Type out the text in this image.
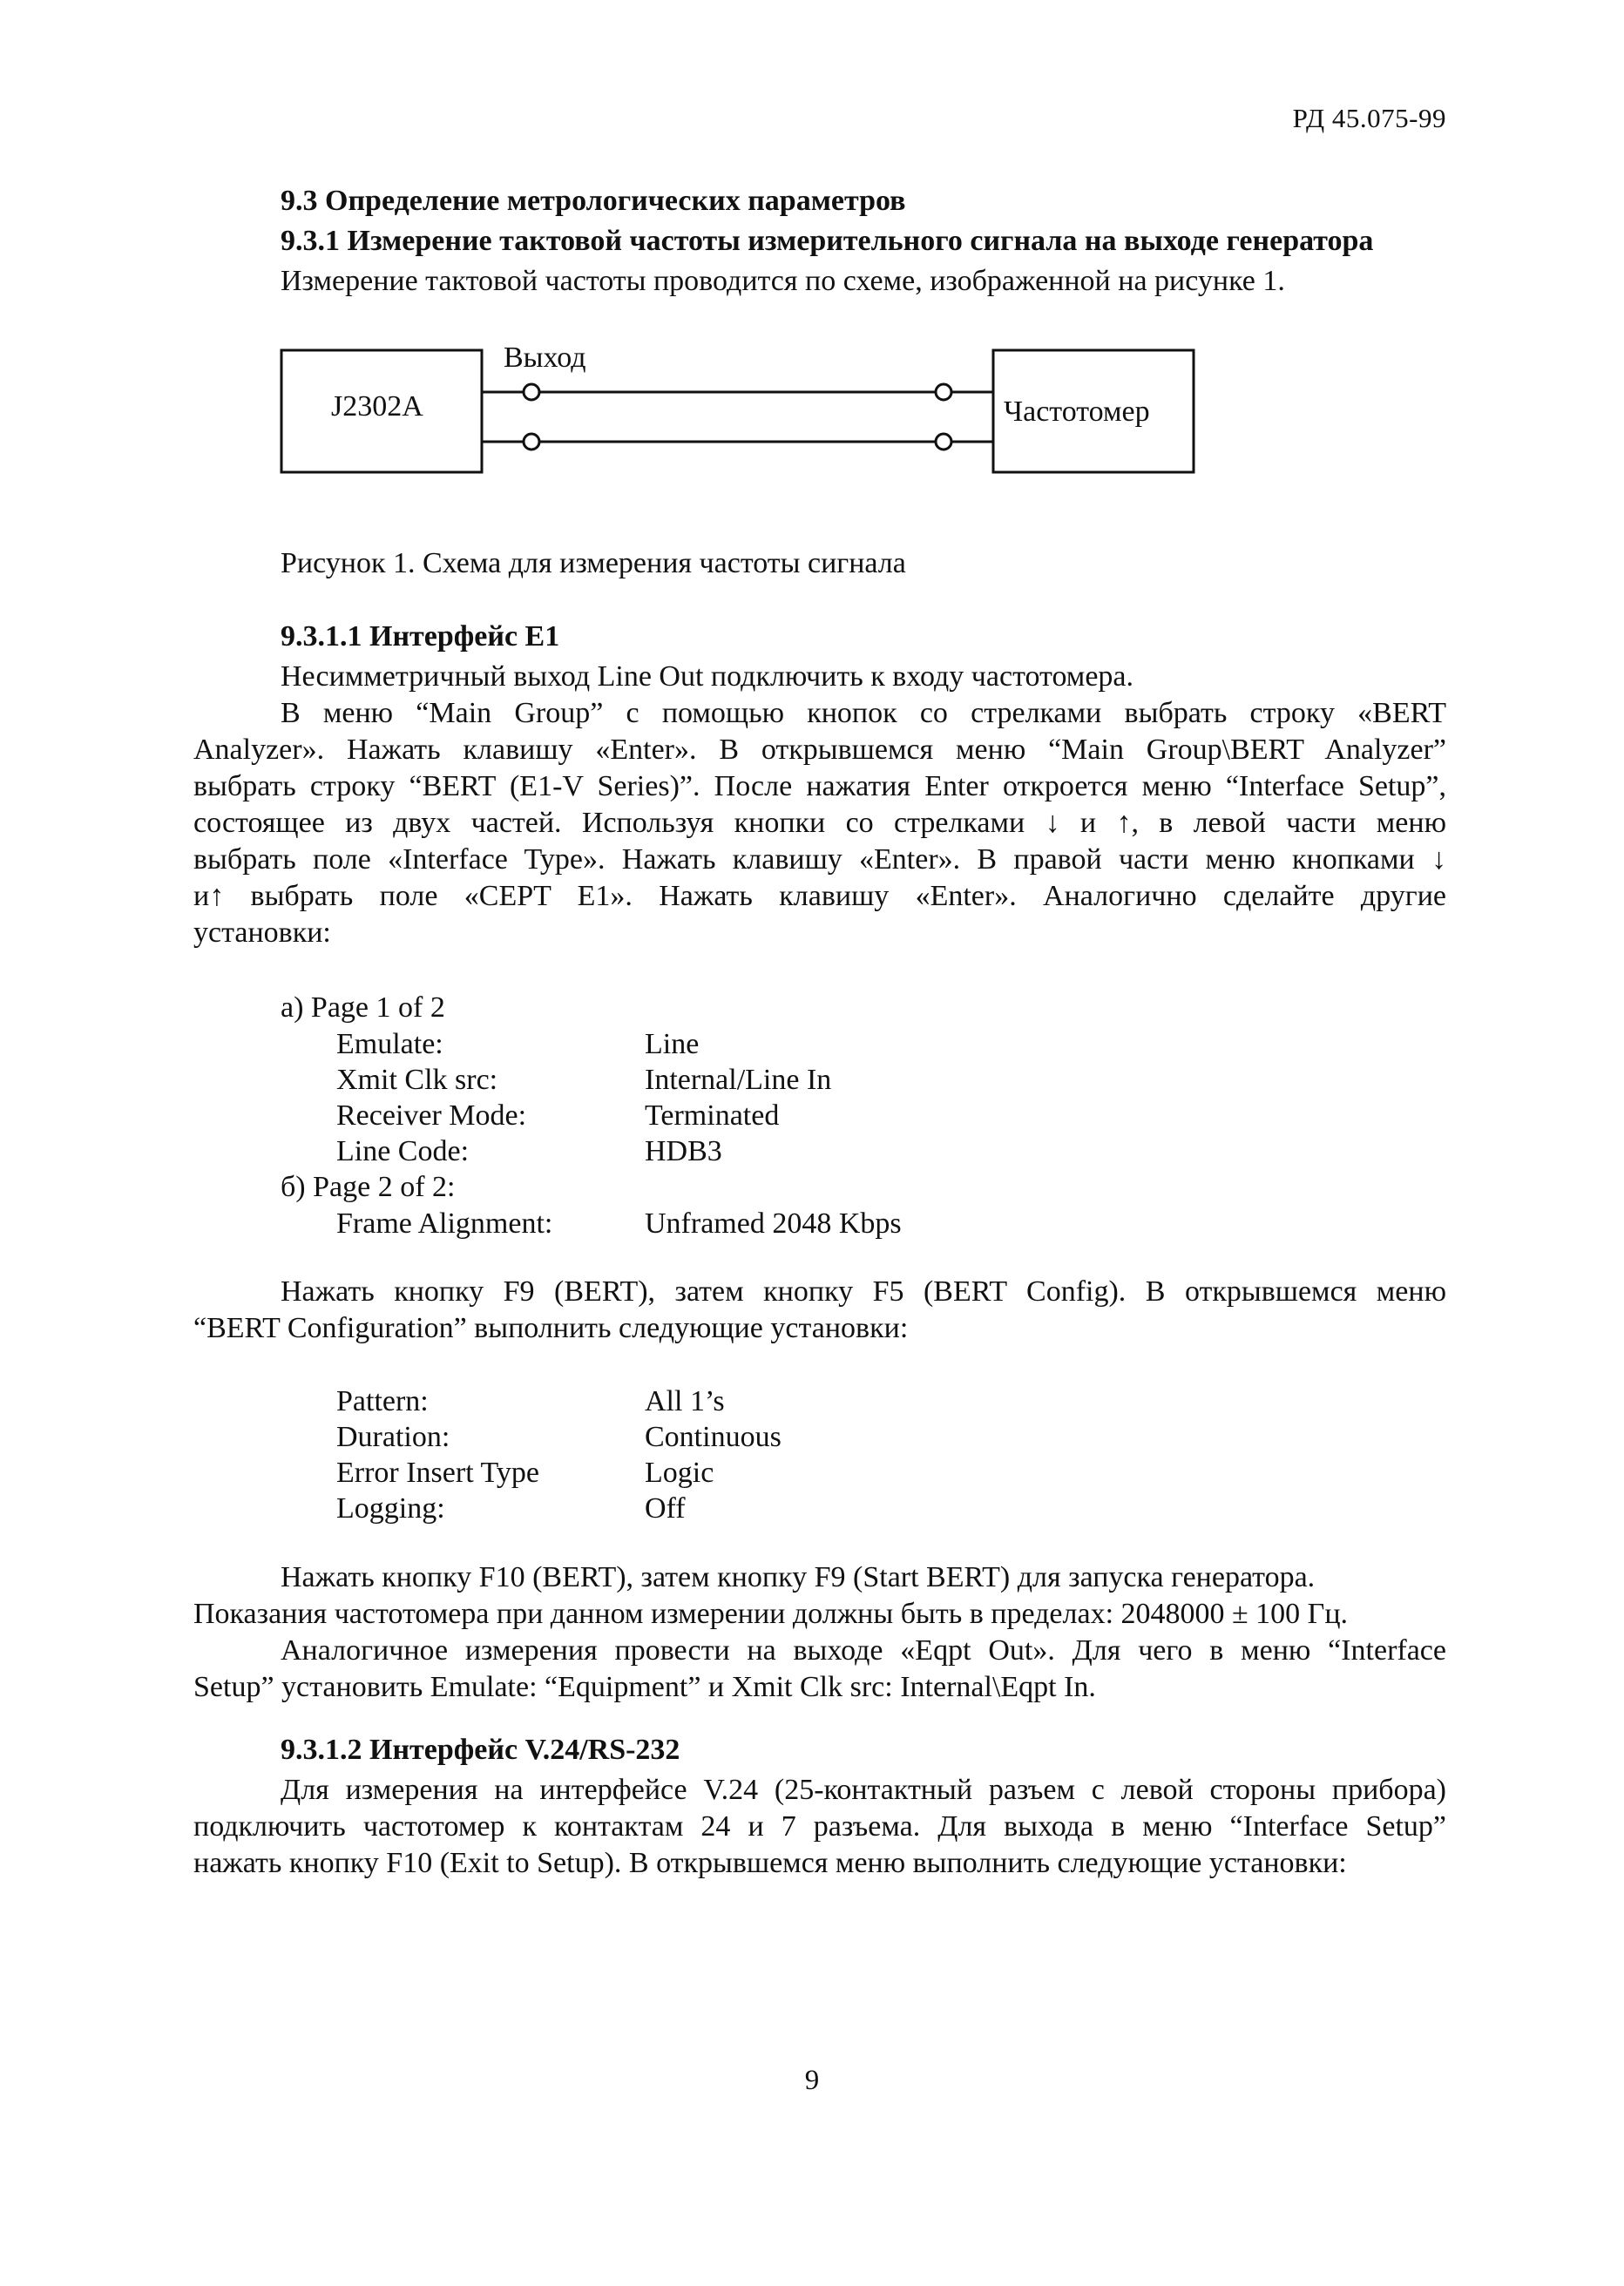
РД 45.075-99
9.3 Определение метрологических параметров
9.3.1 Измерение тактовой частоты измерительного сигнала на выходе генератора
Измерение тактовой частоты проводится по схеме, изображенной на рисунке 1.
J2302A	Частотомер
Выход
Рисунок 1. Схема для измерения частоты сигнала
9.3.1.1 Интерфейс E1
Несимметричный выход Line Out подключить к входу частотомера.
В меню “Main Group” с помощью кнопок со стрелками выбрать строку «BERT
Analyzer». Нажать клавишу «Enter». В открывшемся меню “Main Group\BERT Analyzer”
выбрать строку “BERT (E1-V Series)”. После нажатия Enter откроется меню “Interface Setup”,
состоящее из двух частей. Используя кнопки со стрелками ↓ и ↑, в левой части меню
выбрать поле «Interface Type». Нажать клавишу «Enter». В правой части меню кнопками ↓
и↑ выбрать поле «CEPT E1». Нажать клавишу «Enter». Аналогично сделайте другие
установки:
а) Page 1 of 2
Emulate:	Line
Xmit Clk src:	Internal/Line In
Receiver Mode:	Terminated
Line Code:	HDB3
б) Page 2 of 2:
Frame Alignment:	Unframed 2048 Kbps
Нажать кнопку F9 (BERT), затем кнопку F5 (BERT Config). В открывшемся меню
“BERT Configuration” выполнить следующие установки:
Pattern:	All 1’s
Duration:	Continuous
Error Insert Type	Logic
Logging:	Off
Нажать кнопку F10 (BERT), затем кнопку F9 (Start BERT) для запуска генератора.
Показания частотомера при данном измерении должны быть в пределах: 2048000 ± 100 Гц.
Аналогичное измерения провести на выходе «Eqpt Out». Для чего в меню “Interface
Setup” установить Emulate: “Equipment” и Xmit Clk src: Internal\Eqpt In.
9.3.1.2 Интерфейс V.24/RS-232
Для измерения на интерфейсе V.24 (25-контактный разъем с левой стороны прибора)
подключить частотомер к контактам 24 и 7 разъема. Для выхода в меню “Interface Setup”
нажать кнопку F10 (Exit to Setup). В открывшемся меню выполнить следующие установки:
9
